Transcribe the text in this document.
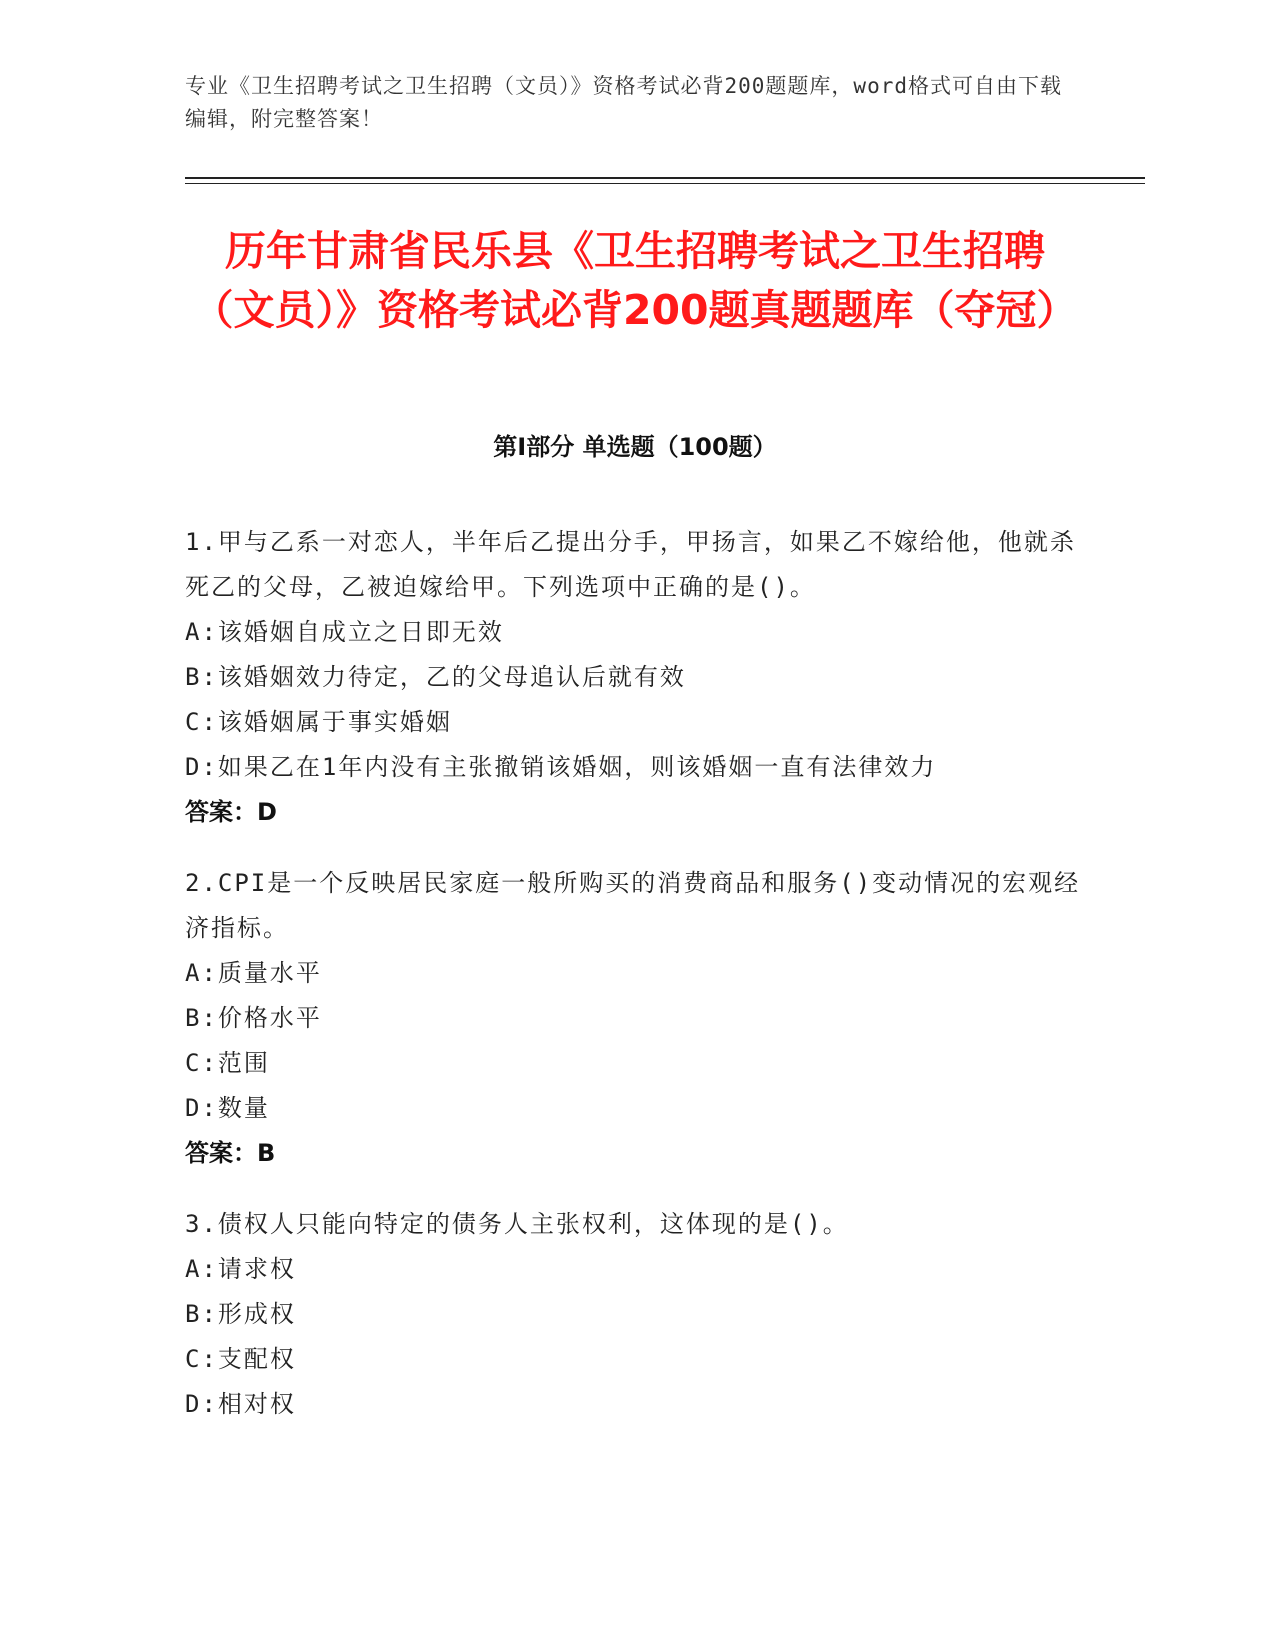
专业《卫生招聘考试之卫生招聘（文员）》资格考试必背200题题库，word格式可自由下载编辑，附完整答案！
历年甘肃省民乐县《卫生招聘考试之卫生招聘（文员）》资格考试必背200题真题题库（夺冠）
第I部分 单选题（100题）

1.甲与乙系一对恋人，半年后乙提出分手，甲扬言，如果乙不嫁给他，他就杀死乙的父母，乙被迫嫁给甲。下列选项中正确的是()。

A:该婚姻自成立之日即无效

B:该婚姻效力待定，乙的父母追认后就有效

C:该婚姻属于事实婚姻

D:如果乙在1年内没有主张撤销该婚姻，则该婚姻一直有法律效力

答案：D

2.CPI是一个反映居民家庭一般所购买的消费商品和服务()变动情况的宏观经济指标。

A:质量水平

B:价格水平

C:范围

D:数量

答案：B

3.债权人只能向特定的债务人主张权利，这体现的是()。

A:请求权

B:形成权

C:支配权

D:相对权
